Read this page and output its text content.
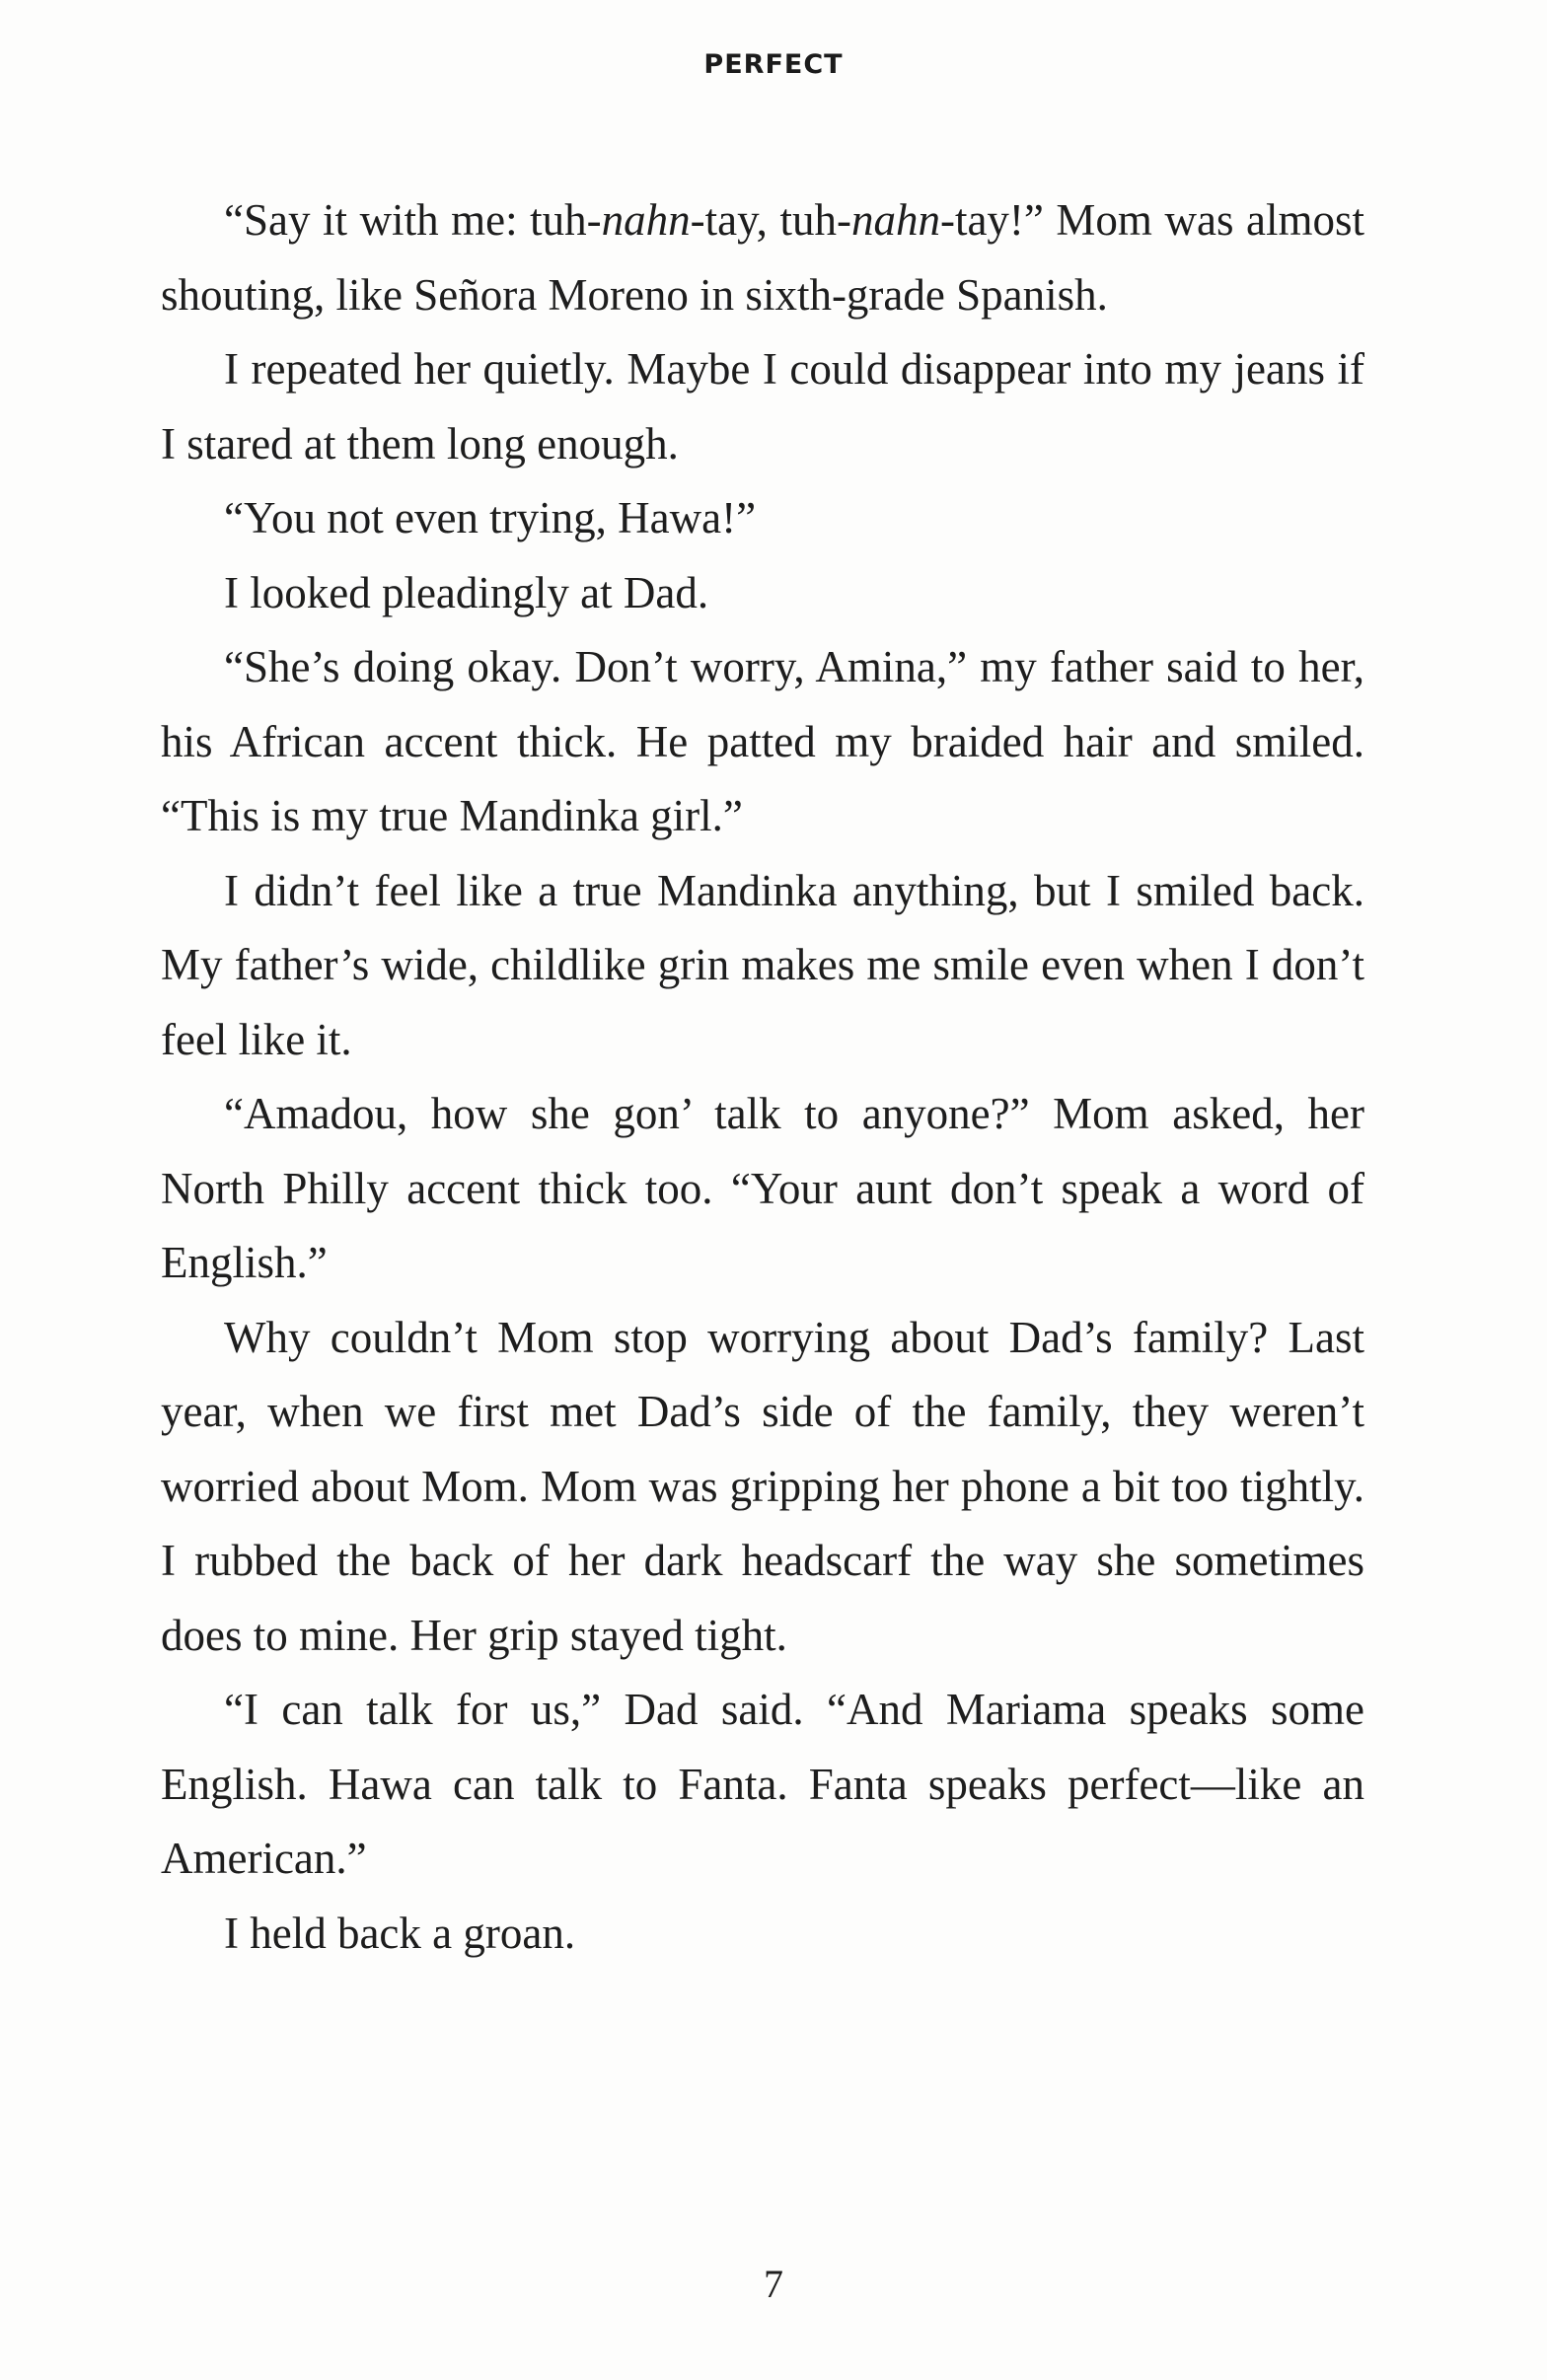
PERFECT

“Say it with me: tuh-nahn-tay, tuh-nahn-tay!” Mom was almost shouting, like Señora Moreno in sixth-grade Spanish.

I repeated her quietly. Maybe I could disappear into my jeans if I stared at them long enough.

“You not even trying, Hawa!”

I looked pleadingly at Dad.

“She’s doing okay. Don’t worry, Amina,” my father said to her, his African accent thick. He patted my braided hair and smiled. “This is my true Mandinka girl.”

I didn’t feel like a true Mandinka anything, but I smiled back. My father’s wide, childlike grin makes me smile even when I don’t feel like it.

“Amadou, how she gon’ talk to anyone?” Mom asked, her North Philly accent thick too. “Your aunt don’t speak a word of English.”

Why couldn’t Mom stop worrying about Dad’s family? Last year, when we first met Dad’s side of the family, they weren’t worried about Mom. Mom was gripping her phone a bit too tightly. I rubbed the back of her dark headscarf the way she sometimes does to mine. Her grip stayed tight.

“I can talk for us,” Dad said. “And Mariama speaks some English. Hawa can talk to Fanta. Fanta speaks perfect—like an American.”

I held back a groan.

7
